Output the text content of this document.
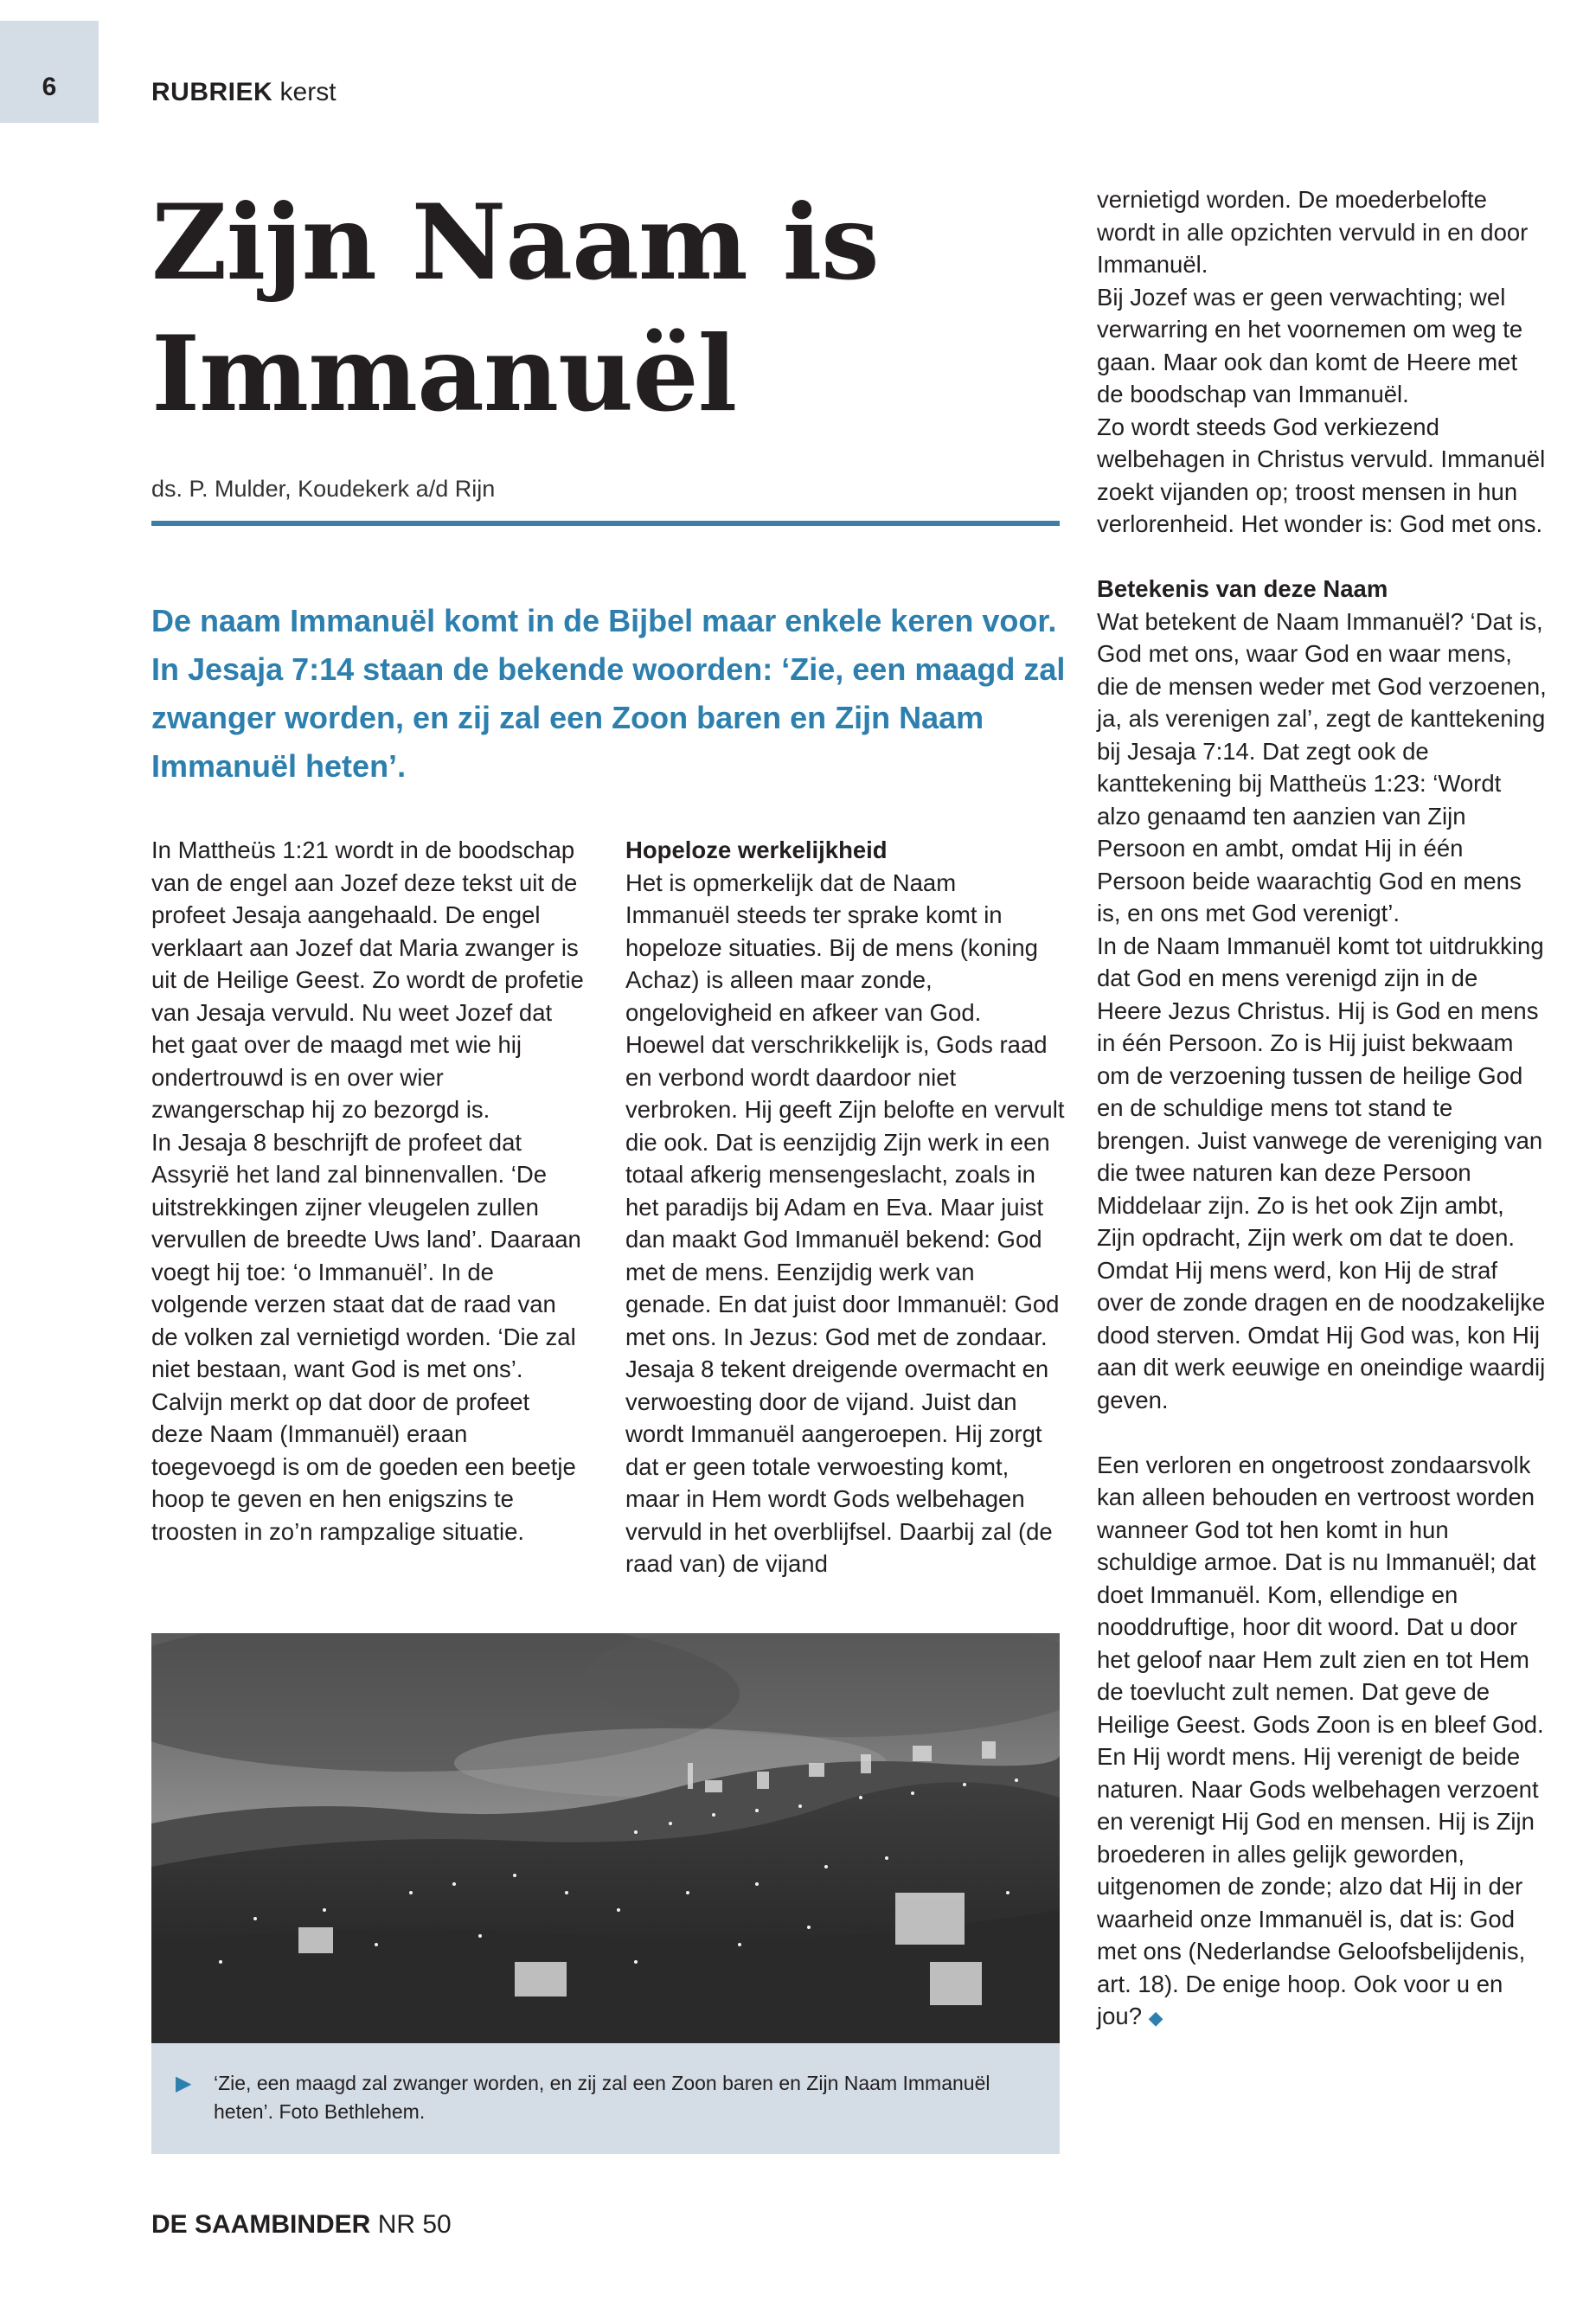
6	RUBRIEK kerst
Zijn Naam is
Immanuël
ds. P. Mulder, Koudekerk a/d Rijn

De naam Immanuël komt in de Bijbel maar enkele keren voor. In Jesaja 7:14 staan de bekende woorden: ‘Zie, een maagd zal zwanger worden, en zij zal een Zoon baren en Zijn Naam Immanuël heten’.

In Mattheüs 1:21 wordt in de boodschap van de engel aan Jozef deze tekst uit de profeet Jesaja aangehaald. De engel verklaart aan Jozef dat Maria zwanger is uit de Heilige Geest. Zo wordt de profetie van Jesaja vervuld. Nu weet Jozef dat het gaat over de maagd met wie hij ondertrouwd is en over wier zwangerschap hij zo bezorgd is.

In Jesaja 8 beschrijft de profeet dat Assyrië het land zal binnenvallen. ‘De uitstrekkingen zijner vleugelen zullen vervullen de breedte Uws land’. Daaraan voegt hij toe: ‘o Immanuël’. In de volgende verzen staat dat de raad van de volken zal vernietigd worden. ‘Die zal niet bestaan, want God is met ons’. Calvijn merkt op dat door de profeet deze Naam (Immanuël) eraan toegevoegd is om de goeden een beetje hoop te geven en hen enigszins te troosten in zo’n rampzalige situatie.

Hopeloze werkelijkheid

Het is opmerkelijk dat de Naam Immanuël steeds ter sprake komt in hopeloze situaties. Bij de mens (koning Achaz) is alleen maar zonde, ongelovigheid en afkeer van God. Hoewel dat verschrikkelijk is, Gods raad en verbond wordt daardoor niet verbroken. Hij geeft Zijn belofte en vervult die ook. Dat is eenzijdig Zijn werk in een totaal afkerig mensengeslacht, zoals in het paradijs bij Adam en Eva. Maar juist dan maakt God Immanuël bekend: God met de mens. Eenzijdig werk van genade. En dat juist door Immanuël: God met ons. In Jezus: God met de zondaar.

Jesaja 8 tekent dreigende overmacht en verwoesting door de vijand. Juist dan wordt Immanuël aangeroepen. Hij zorgt dat er geen totale verwoesting komt, maar in Hem wordt Gods welbehagen vervuld in het overblijfsel. Daarbij zal (de raad van) de vijand

vernietigd worden. De moederbelofte wordt in alle opzichten vervuld in en door Immanuël.

Bij Jozef was er geen verwachting; wel verwarring en het voornemen om weg te gaan. Maar ook dan komt de Heere met de boodschap van Immanuël.

Zo wordt steeds God verkiezend welbehagen in Christus vervuld. Immanuël zoekt vijanden op; troost mensen in hun verlorenheid. Het wonder is: God met ons.

Betekenis van deze Naam

Wat betekent de Naam Immanuël? ‘Dat is, God met ons, waar God en waar mens, die de mensen weder met God verzoenen, ja, als verenigen zal’, zegt de kanttekening bij Jesaja 7:14. Dat zegt ook de kanttekening bij Mattheüs 1:23: ‘Wordt alzo genaamd ten aanzien van Zijn Persoon en ambt, omdat Hij in één Persoon beide waarachtig God en mens is, en ons met God verenigt’.

In de Naam Immanuël komt tot uitdrukking dat God en mens verenigd zijn in de Heere Jezus Christus. Hij is God en mens in één Persoon. Zo is Hij juist bekwaam om de verzoening tussen de heilige God en de schuldige mens tot stand te brengen. Juist vanwege de vereniging van die twee naturen kan deze Persoon Middelaar zijn. Zo is het ook Zijn ambt, Zijn opdracht, Zijn werk om dat te doen. Omdat Hij mens werd, kon Hij de straf over de zonde dragen en de noodzakelijke dood sterven. Omdat Hij God was, kon Hij aan dit werk eeuwige en oneindige waardij geven.

Een verloren en ongetroost zondaarsvolk kan alleen behouden en vertroost worden wanneer God tot hen komt in hun schuldige armoe. Dat is nu Immanuël; dat doet Immanuël. Kom, ellendige en nooddruftige, hoor dit woord. Dat u door het geloof naar Hem zult zien en tot Hem de toevlucht zult nemen. Dat geve de Heilige Geest. Gods Zoon is en bleef God. En Hij wordt mens. Hij verenigt de beide naturen. Naar Gods welbehagen verzoent en verenigt Hij God en mensen. Hij is Zijn broederen in alles gelijk geworden, uitgenomen de zonde; alzo dat Hij in der waarheid onze Immanuël is, dat is: God met ons (Nederlandse Geloofsbelijdenis, art. 18). De enige hoop. Ook voor u en jou? ◆

▶ ‘Zie, een maagd zal zwanger worden, en zij zal een Zoon baren en Zijn Naam Immanuël heten’. Foto Bethlehem.

DE SAAMBINDER NR 50
